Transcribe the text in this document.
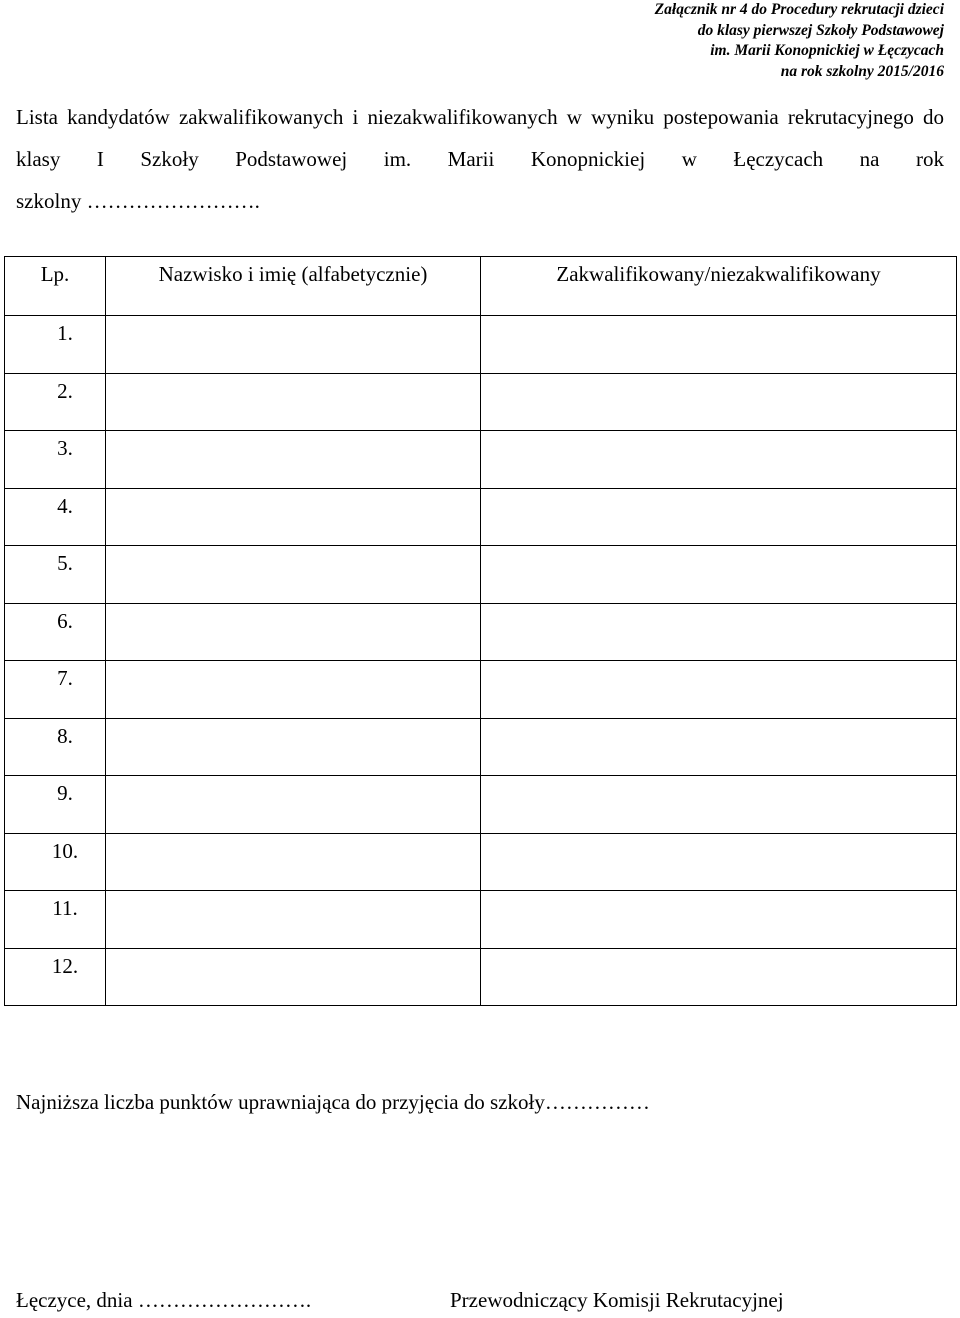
Załącznik nr 4 do Procedury rekrutacji dzieci
do klasy pierwszej Szkoły Podstawowej
im. Marii Konopnickiej w Łęczycach
na rok szkolny 2015/2016
Lista kandydatów zakwalifikowanych i niezakwalifikowanych w wyniku postepowania rekrutacyjnego do klasy I Szkoły Podstawowej im. Marii Konopnickiej w Łęczycach na rok
szkolny …………………….
Lp.	Nazwisko i imię (alfabetycznie)	Zakwalifikowany/niezakwalifikowany
1.		
2.		
3.		
4.		
5.		
6.		
7.		
8.		
9.		
10.		
11.		
12.		
Najniższa liczba punktów uprawniająca do przyjęcia do szkoły……………
Łęczyce, dnia …………………….	Przewodniczący Komisji Rekrutacyjnej
